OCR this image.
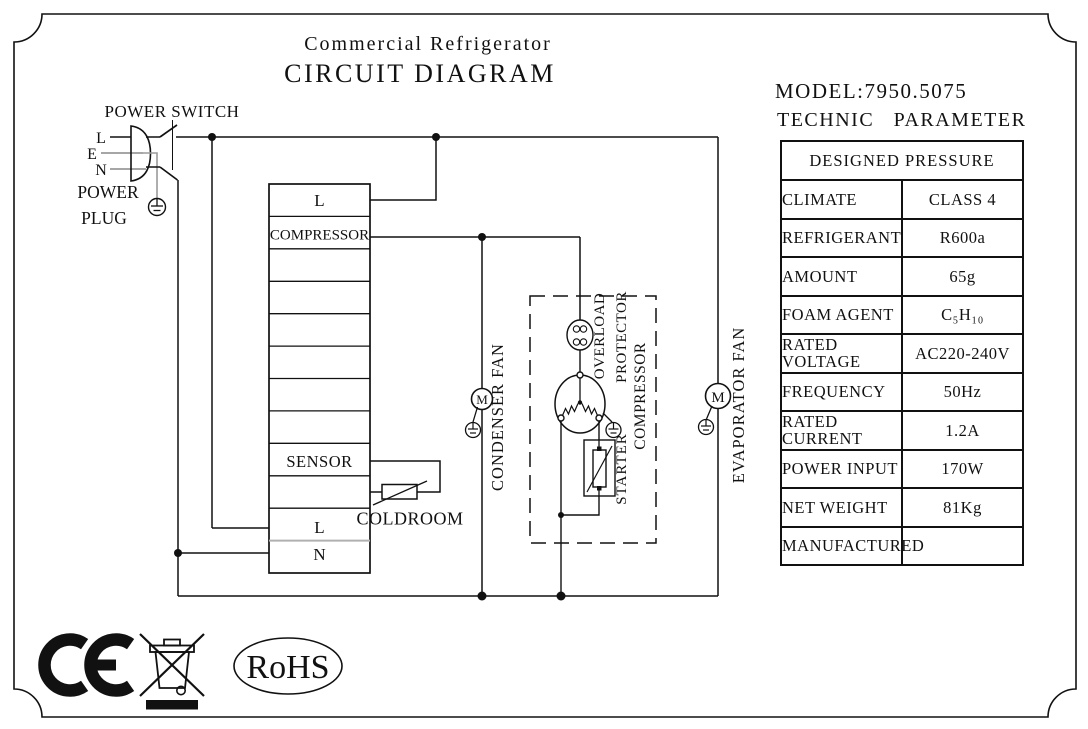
L
COMPRESSOR
SENSOR
L
N
COLDROOM
M CONDENSER FAN
OVERLOAD PROTECTOR
COMPRESSOR
STARTER
M EVAPORATOR FAN
POWER SWITCH
L
E
N
POWER
PLUG
RoHS
Commercial Refrigerator
CIRCUIT DIAGRAM
MODEL:7950.5075
TECHNIC   PARAMETER
DESIGNED PRESSURE	
CLIMATE	CLASS 4
REFRIGERANT	R600a
AMOUNT	65g
FOAM AGENT	C₅H₁₀
RATED VOLTAGE	AC220-240V
FREQUENCY	50Hz
RATED CURRENT	1.2A
POWER INPUT	170W
NET WEIGHT	81Kg
MANUFACTURED	
